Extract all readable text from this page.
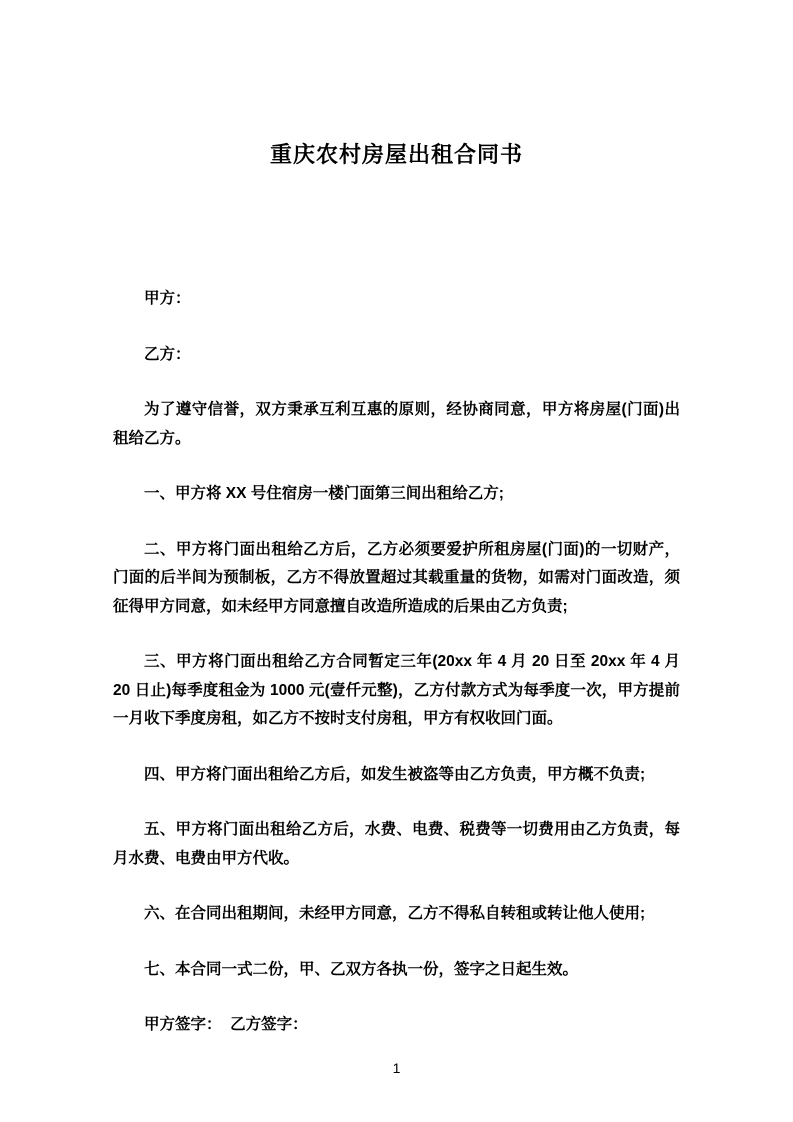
重庆农村房屋出租合同书

甲方：

乙方：

为了遵守信誉，双方秉承互利互惠的原则，经协商同意，甲方将房屋(门面)出租给乙方。

一、甲方将 XX 号住宿房一楼门面第三间出租给乙方;

二、甲方将门面出租给乙方后，乙方必须要爱护所租房屋(门面)的一切财产，门面的后半间为预制板，乙方不得放置超过其载重量的货物，如需对门面改造，须征得甲方同意，如未经甲方同意擅自改造所造成的后果由乙方负责;

三、甲方将门面出租给乙方合同暂定三年(20xx 年 4 月 20 日至 20xx 年 4 月 20 日止)每季度租金为 1000 元(壹仟元整)，乙方付款方式为每季度一次，甲方提前一月收下季度房租，如乙方不按时支付房租，甲方有权收回门面。

四、甲方将门面出租给乙方后，如发生被盗等由乙方负责，甲方概不负责;

五、甲方将门面出租给乙方后，水费、电费、税费等一切费用由乙方负责，每月水费、电费由甲方代收。

六、在合同出租期间，未经甲方同意，乙方不得私自转租或转让他人使用;

七、本合同一式二份，甲、乙双方各执一份，签字之日起生效。

甲方签字：  乙方签字：

1
